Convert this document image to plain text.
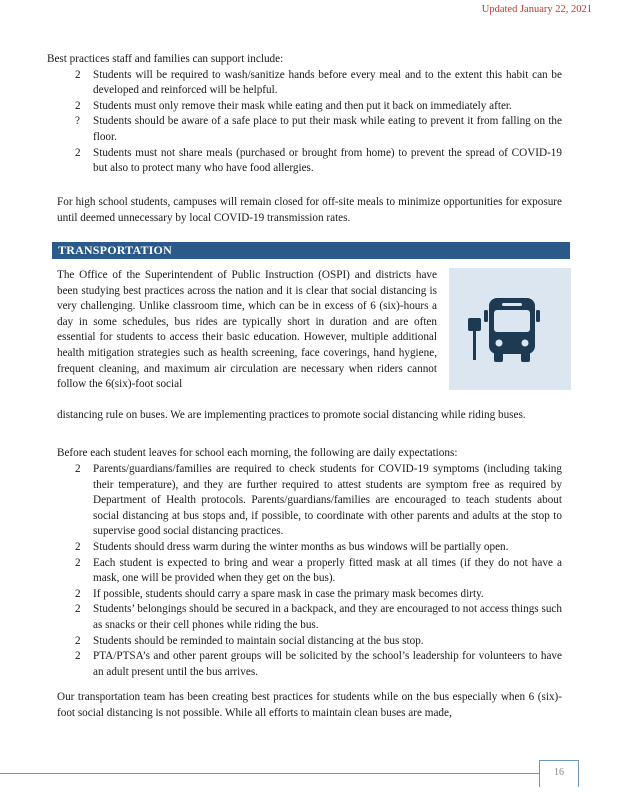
Updated January 22, 2021
Best practices staff and families can support include:
2	Students will be required to wash/sanitize hands before every meal and to the extent this habit can be developed and reinforced will be helpful.
2	Students must only remove their mask while eating and then put it back on immediately after.
?	Students should be aware of a safe place to put their mask while eating to prevent it from falling on the floor.
2	Students must not share meals (purchased or brought from home) to prevent the spread of COVID-19 but also to protect many who have food allergies.
For high school students, campuses will remain closed for off-site meals to minimize opportunities for exposure until deemed unnecessary by local COVID-19 transmission rates.
TRANSPORTATION
The Office of the Superintendent of Public Instruction (OSPI) and districts have been studying best practices across the nation and it is clear that social distancing is very challenging. Unlike classroom time, which can be in excess of 6 (six)-hours a day in some schedules, bus rides are typically short in duration and are often essential for students to access their basic education. However, multiple additional health mitigation strategies such as health screening, face coverings, hand hygiene, frequent cleaning, and maximum air circulation are necessary when riders cannot follow the 6(six)-foot social
distancing rule on buses. We are implementing practices to promote social distancing while riding buses.
Before each student leaves for school each morning, the following are daily expectations:
2	Parents/guardians/families are required to check students for COVID-19 symptoms (including taking their temperature), and they are further required to attest students are symptom free as required by Department of Health protocols. Parents/guardians/families are encouraged to teach students about social distancing at bus stops and, if possible, to coordinate with other parents and adults at the stop to supervise good social distancing practices.
2	Students should dress warm during the winter months as bus windows will be partially open.
2	Each student is expected to bring and wear a properly fitted mask at all times (if they do not have a mask, one will be provided when they get on the bus).
2	If possible, students should carry a spare mask in case the primary mask becomes dirty.
2	Students’ belongings should be secured in a backpack, and they are encouraged to not access things such as snacks or their cell phones while riding the bus.
2	Students should be reminded to maintain social distancing at the bus stop.
2	PTA/PTSA’s and other parent groups will be solicited by the school’s leadership for volunteers to have an adult present until the bus arrives.
Our transportation team has been creating best practices for students while on the bus especially when 6 (six)-foot social distancing is not possible. While all efforts to maintain clean buses are made,
16
